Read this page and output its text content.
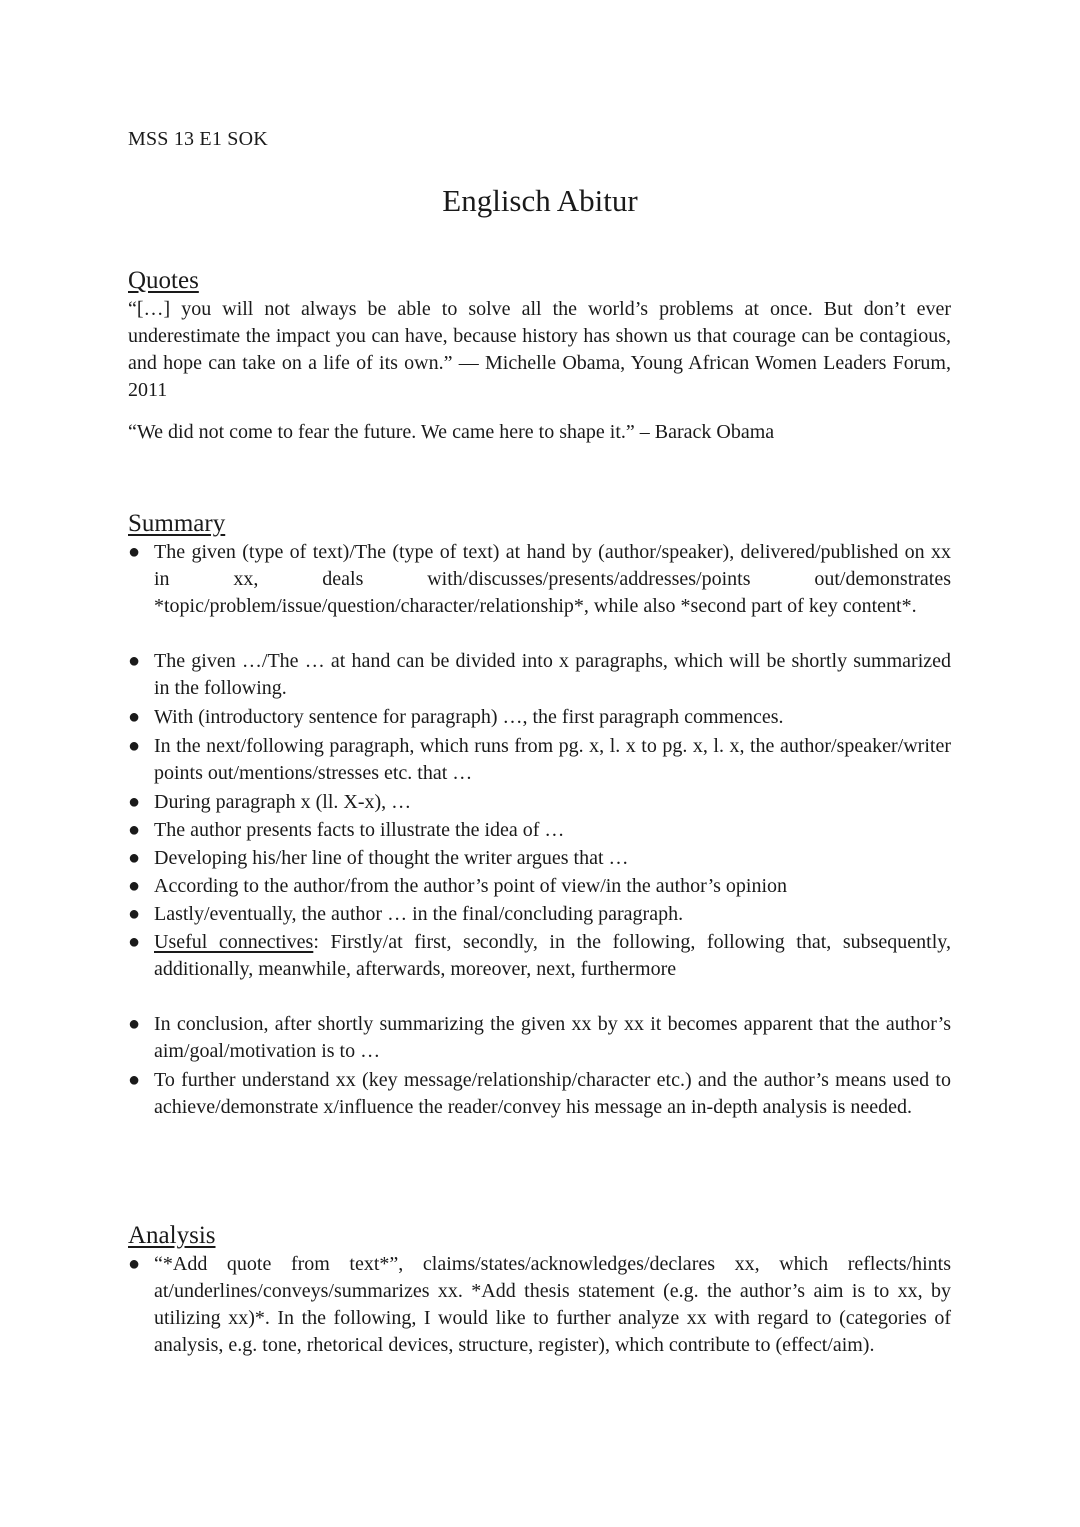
MSS 13 E1 SOK
Englisch Abitur
Quotes
“[…] you will not always be able to solve all the world’s problems at once. But don’t ever underestimate the impact you can have, because history has shown us that courage can be contagious, and hope can take on a life of its own.” — Michelle Obama, Young African Women Leaders Forum, 2011
“We did not come to fear the future. We came here to shape it.” – Barack Obama
Summary
● The given (type of text)/The (type of text) at hand by (author/speaker), delivered/published on xx in xx, deals with/discusses/presents/addresses/points out/demonstrates *topic/problem/issue/question/character/relationship*, while also *second part of key content*.
● The given …/The … at hand can be divided into x paragraphs, which will be shortly summarized in the following.
● With (introductory sentence for paragraph) …, the first paragraph commences.
● In the next/following paragraph, which runs from pg. x, l. x to pg. x, l. x, the author/speaker/writer points out/mentions/stresses etc. that …
● During paragraph x (ll. X-x), …
● The author presents facts to illustrate the idea of …
● Developing his/her line of thought the writer argues that …
● According to the author/from the author’s point of view/in the author’s opinion
● Lastly/eventually, the author … in the final/concluding paragraph.
● Useful connectives: Firstly/at first, secondly, in the following, following that, subsequently, additionally, meanwhile, afterwards, moreover, next, furthermore
● In conclusion, after shortly summarizing the given xx by xx it becomes apparent that the author’s aim/goal/motivation is to …
● To further understand xx (key message/relationship/character etc.) and the author’s means used to achieve/demonstrate x/influence the reader/convey his message an in-depth analysis is needed.
Analysis
● “*Add quote from text*”, claims/states/acknowledges/declares xx, which reflects/hints at/underlines/conveys/summarizes xx. *Add thesis statement (e.g. the author’s aim is to xx, by utilizing xx)*. In the following, I would like to further analyze xx with regard to (categories of analysis, e.g. tone, rhetorical devices, structure, register), which contribute to (effect/aim).
